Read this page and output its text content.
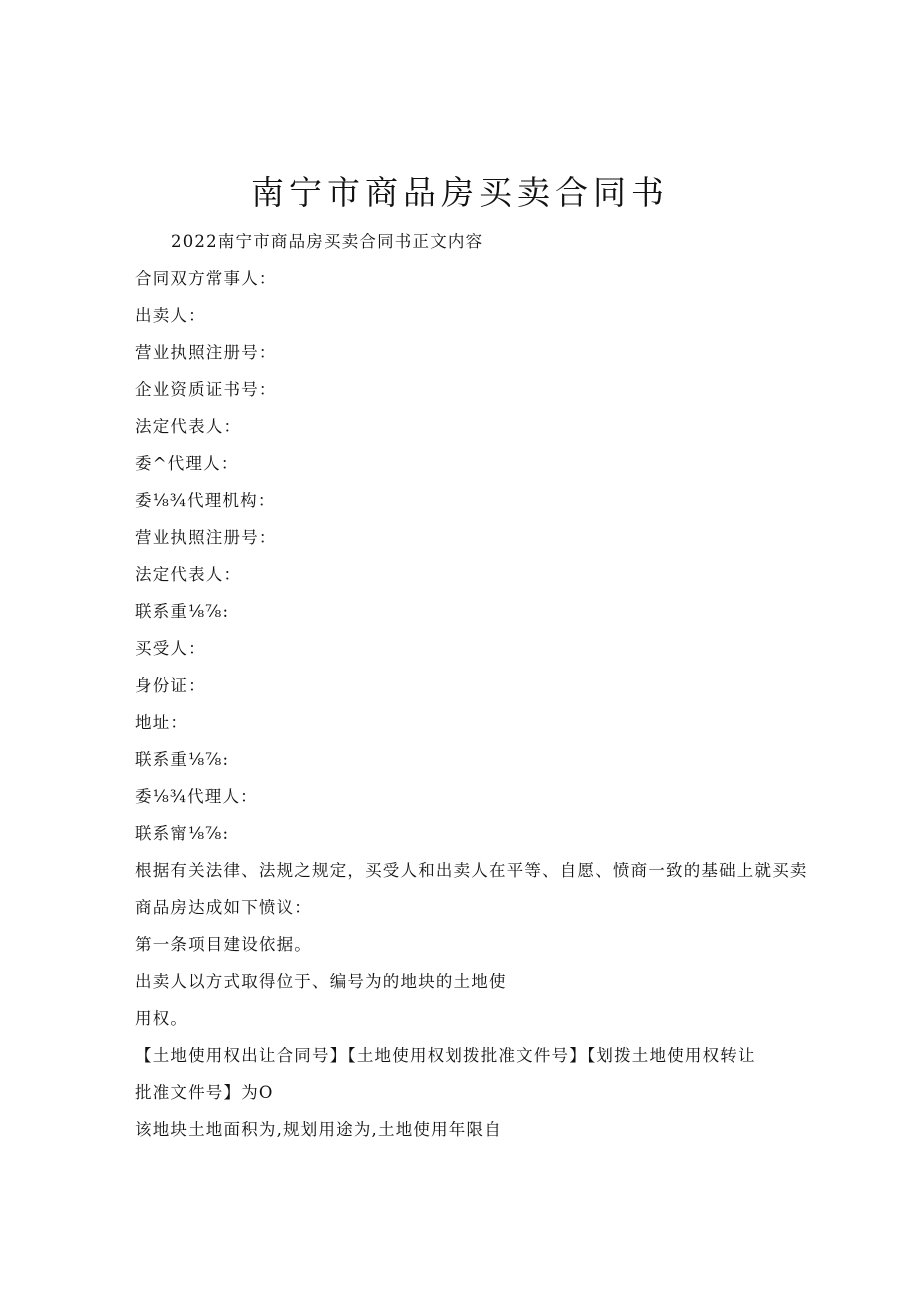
南宁市商品房买卖合同书
2022南宁市商品房买卖合同书正文内容
合同双方常事人：
出卖人：
营业执照注册号：
企业资质证书号：
法定代表人：
委^代理人：
委⅛¾代理机构：
营业执照注册号：
法定代表人：
联系重⅛⅞:
买受人：
身份证：
地址：
联系重⅛⅞:
委⅛¾代理人：
联系甯⅛⅞:
根据有关法律、法规之规定，买受人和出卖人在平等、自愿、愤商一致的基础上就买卖
商品房达成如下愤议：
第一条项目建设依据。
出卖人以方式取得位于、编号为的地块的土地使
用权。
【土地使用权出让合同号】【土地使用权划拨批准文件号】【划拨土地使用权转让
批准文件号】为O
该地块土地面积为,规划用途为,土地使用年限自
